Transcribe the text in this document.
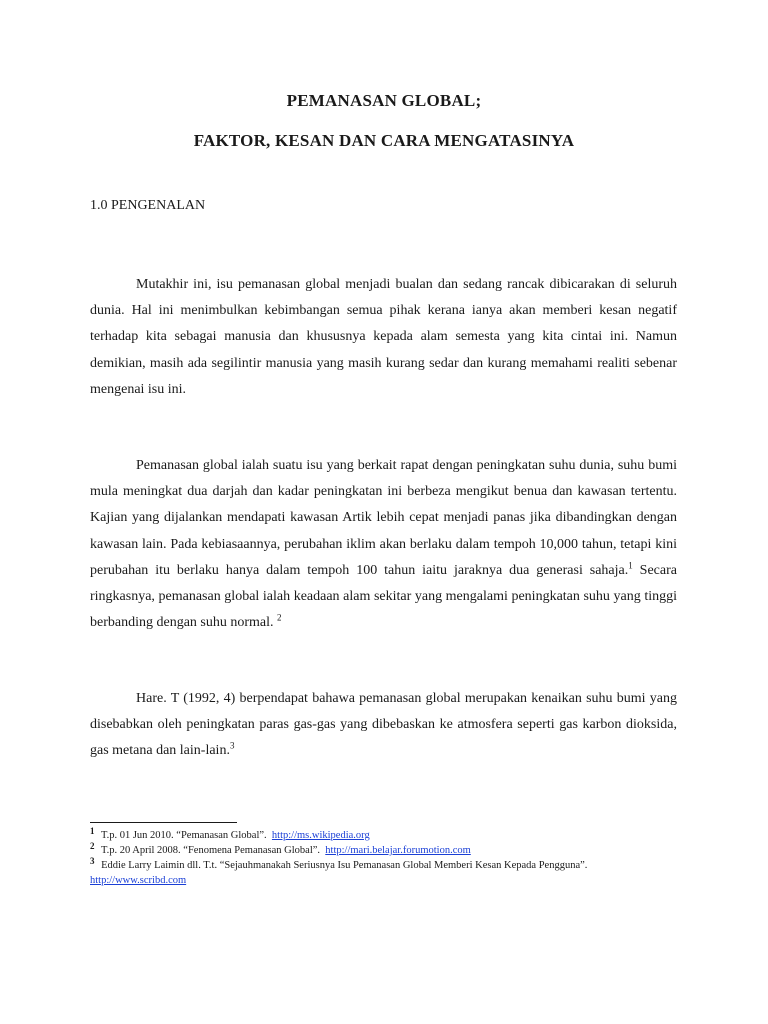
PEMANASAN GLOBAL;
FAKTOR, KESAN DAN CARA MENGATASINYA
1.0 PENGENALAN

Mutakhir ini, isu pemanasan global menjadi bualan dan sedang rancak dibicarakan di seluruh dunia. Hal ini menimbulkan kebimbangan semua pihak kerana ianya akan memberi kesan negatif terhadap kita sebagai manusia dan khususnya kepada alam semesta yang kita cintai ini. Namun demikian, masih ada segilintir manusia yang masih kurang sedar dan kurang memahami realiti sebenar mengenai isu ini.

Pemanasan global ialah suatu isu yang berkait rapat dengan peningkatan suhu dunia, suhu bumi mula meningkat dua darjah dan kadar peningkatan ini berbeza mengikut benua dan kawasan tertentu. Kajian yang dijalankan mendapati kawasan Artik lebih cepat menjadi panas jika dibandingkan dengan kawasan lain. Pada kebiasaannya, perubahan iklim akan berlaku dalam tempoh 10,000 tahun, tetapi kini perubahan itu berlaku hanya dalam tempoh 100 tahun iaitu jaraknya dua generasi sahaja.$^1$ Secara ringkasnya, pemanasan global ialah keadaan alam sekitar yang mengalami peningkatan suhu yang tinggi berbanding dengan suhu normal. $^2$

Hare. T (1992, 4) berpendapat bahawa pemanasan global merupakan kenaikan suhu bumi yang disebabkan oleh peningkatan paras gas-gas yang dibebaskan ke atmosfera seperti gas karbon dioksida, gas metana dan lain-lain.$^3$

$^1$ T.p. 01 Jun 2010. “Pemanasan Global”. http://ms.wikipedia.org

$^2$ T.p. 20 April 2008. “Fenomena Pemanasan Global”. http://mari.belajar.forumotion.com

$^3$ Eddie Larry Laimin dll. T.t. “Sejauhmanakah Seriusnya Isu Pemanasan Global Memberi Kesan Kepada Pengguna”.  http://www.scribd.com
